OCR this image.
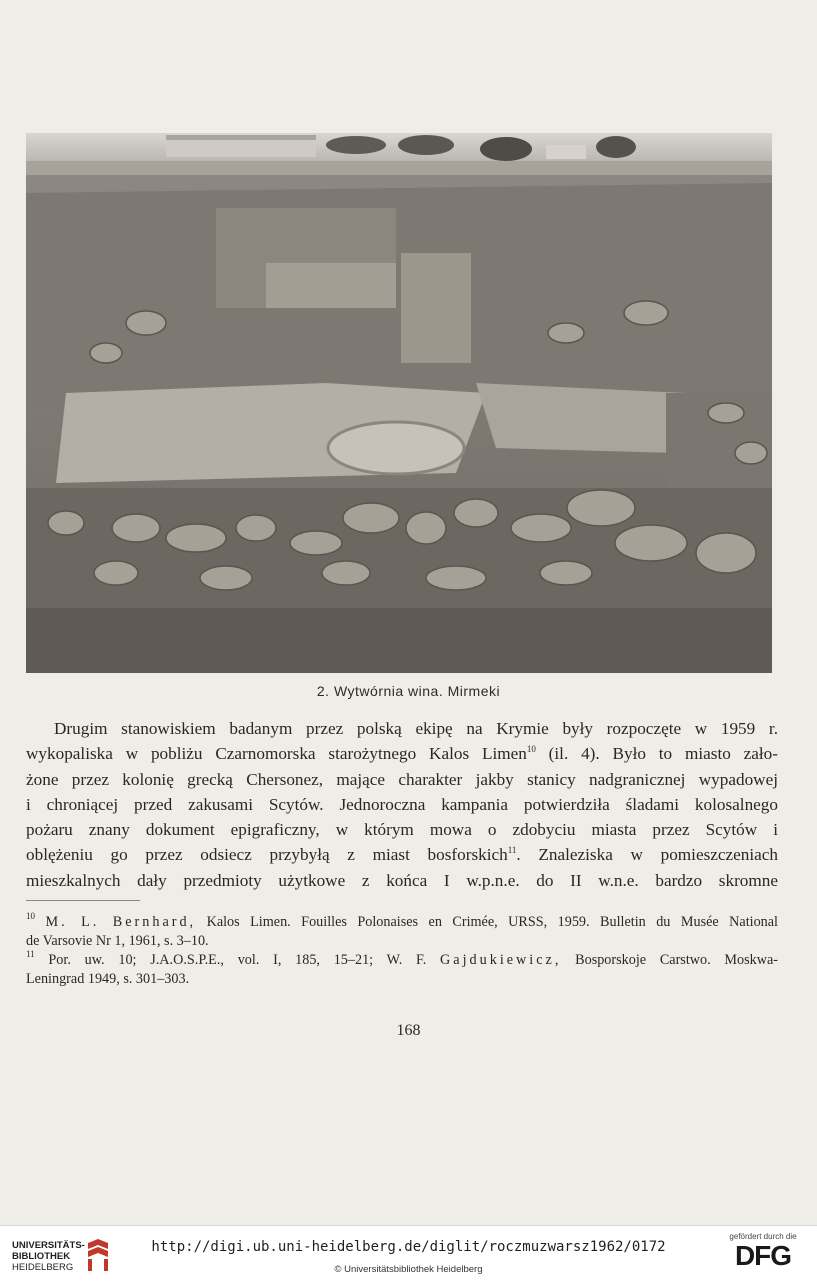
2. Wytwórnia wina. Mirmeki
Drugim stanowiskiem badanym przez polską ekipę na Krymie były rozpoczęte w 1959 r.
wykopaliska w pobliżu Czarnomorska starożytnego Kalos Limen$^{10}$ (il. 4). Było to miasto zało-
żone przez kolonię grecką Chersonez, mające charakter jakby stanicy nadgranicznej wypadowej
i chroniącej przed zakusami Scytów. Jednoroczna kampania potwierdziła śladami kolosalnego
pożaru znany dokument epigraficzny, w którym mowa o zdobyciu miasta przez Scytów i
oblężeniu go przez odsiecz przybyłą z miast bosforskich$^{11}$. Znaleziska w pomieszczeniach
mieszkalnych dały przedmioty użytkowe z końca I w.p.n.e. do II w.n.e. bardzo skromne
$^{10}$ M. L. Bernhard, Kalos Limen. Fouilles Polonaises en Crimée, URSS, 1959. Bulletin du Musée National
de Varsovie Nr 1, 1961, s. 3–10.
$^{11}$ Por. uw. 10; J.A.O.S.P.E., vol. I, 185, 15–21; W. F. Gajdukiewicz, Bosporskoje Carstwo. Moskwa-
Leningrad 1949, s. 301–303.
168
UNIVERSITÄTS-
BIBLIOTHEK
HEIDELBERG
http://digi.ub.uni-heidelberg.de/diglit/roczmuzwarsz1962/0172
© Universitätsbibliothek Heidelberg
gefördert durch die
DFG
